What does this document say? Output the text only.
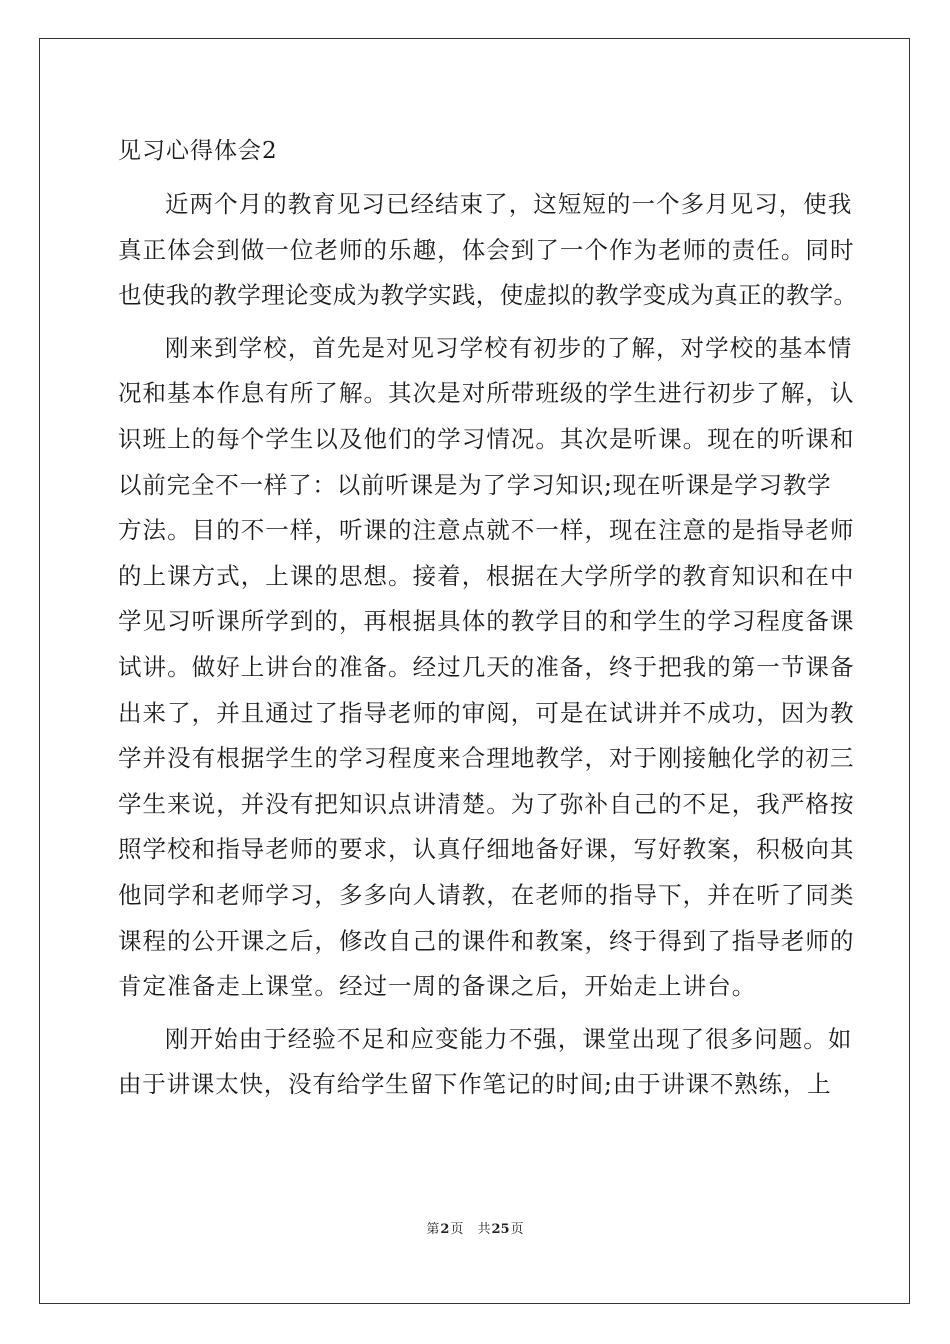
见习心得体会2
近两个月的教育见习已经结束了，这短短的一个多月见习，使我
真正体会到做一位老师的乐趣，体会到了一个作为老师的责任。同时
也使我的教学理论变成为教学实践，使虚拟的教学变成为真正的教学。
刚来到学校，首先是对见习学校有初步的了解，对学校的基本情
况和基本作息有所了解。其次是对所带班级的学生进行初步了解，认
识班上的每个学生以及他们的学习情况。其次是听课。现在的听课和
以前完全不一样了：以前听课是为了学习知识;现在听课是学习教学
方法。目的不一样，听课的注意点就不一样，现在注意的是指导老师
的上课方式，上课的思想。接着，根据在大学所学的教育知识和在中
学见习听课所学到的，再根据具体的教学目的和学生的学习程度备课
试讲。做好上讲台的准备。经过几天的准备，终于把我的第一节课备
出来了，并且通过了指导老师的审阅，可是在试讲并不成功，因为教
学并没有根据学生的学习程度来合理地教学，对于刚接触化学的初三
学生来说，并没有把知识点讲清楚。为了弥补自己的不足，我严格按
照学校和指导老师的要求，认真仔细地备好课，写好教案，积极向其
他同学和老师学习，多多向人请教，在老师的指导下，并在听了同类
课程的公开课之后，修改自己的课件和教案，终于得到了指导老师的
肯定准备走上课堂。经过一周的备课之后，开始走上讲台。
刚开始由于经验不足和应变能力不强，课堂出现了很多问题。如
由于讲课太快，没有给学生留下作笔记的时间;由于讲课不熟练，上
第2页 共25页
